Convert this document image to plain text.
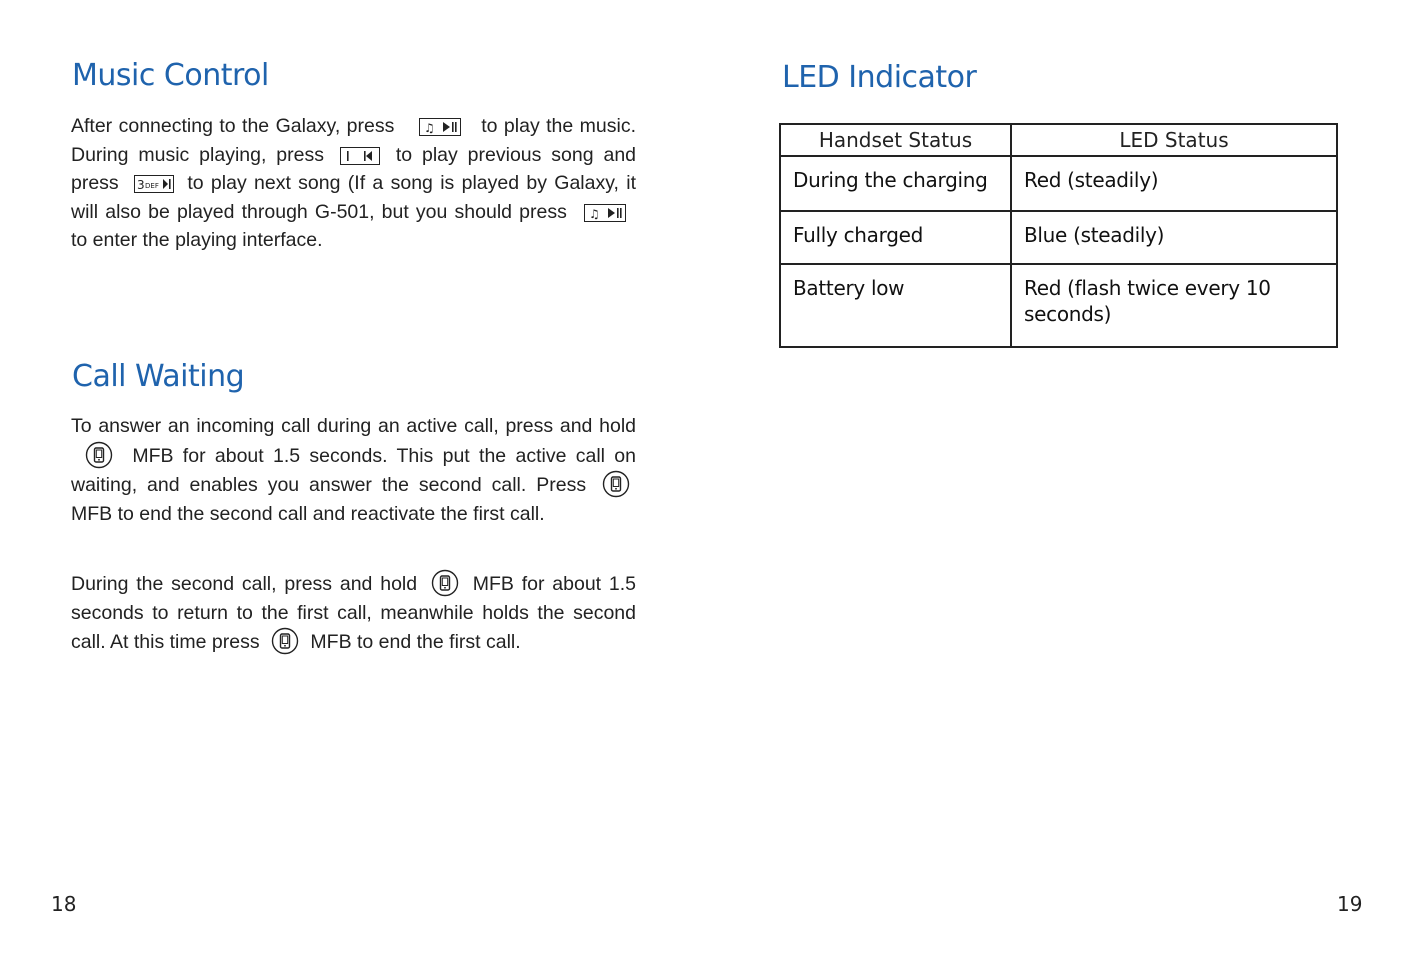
Music Control

After connecting to the Galaxy, press ♫ to play the music. During music playing, press	to play previous song and press 3 DEF to play next song (If a song is played by Galaxy, it will also be played through G-501, but you should press ♫
to enter the playing interface.

Call Waiting

To answer an incoming call during an active call, press and hold
MFB for about 1.5 seconds. This put the active call on waiting, and enables you answer the second call. Press
MFB to end the second call and reactivate the first call.

During the second call, press and hold	MFB for about 1.5 seconds to return to the first call, meanwhile holds the second call. At this time press	MFB to end the first call.

18
LED Indicator
Handset Status	LED Status
During the charging	Red (steadily)
Fully charged	Blue (steadily)
Battery low	Red (flash twice every 10 seconds)
19
